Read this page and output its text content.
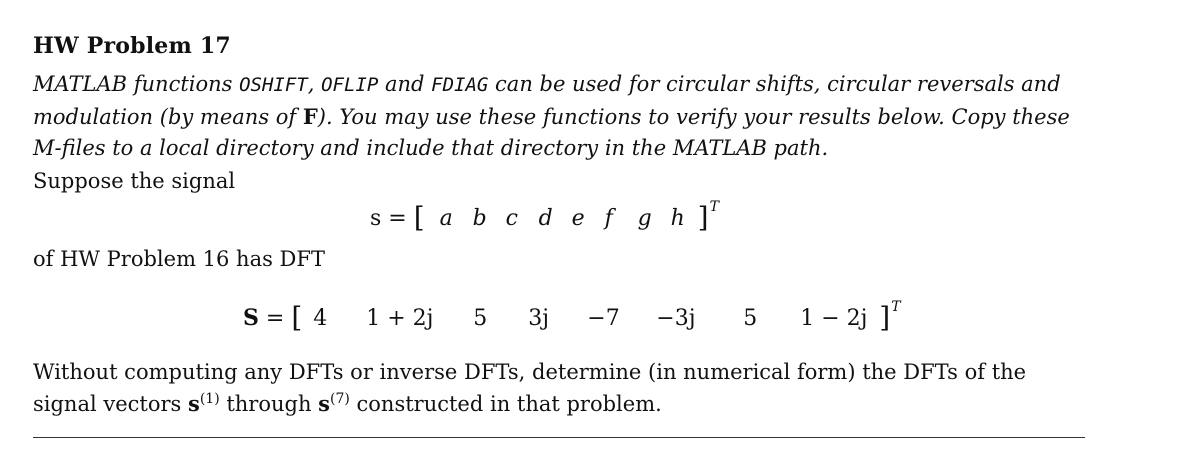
HW Problem 17
MATLAB functions OSHIFT, OFLIP and FDIAG can be used for circular shifts, circular reversals and modulation (by means of F). You may use these functions to verify your results below. Copy these M-files to a local directory and include that directory in the MATLAB path.
Suppose the signal
s = [ a b c d e f g h ]$^T$
of HW Problem 16 has DFT
S = [ 4 1 + 2j 5 3j −7 −3j 5 1 − 2j ]$^T$
Without computing any DFTs or inverse DFTs, determine (in numerical form) the DFTs of the signal vectors $s^{(1)}$ through $s^{(7)}$ constructed in that problem.
